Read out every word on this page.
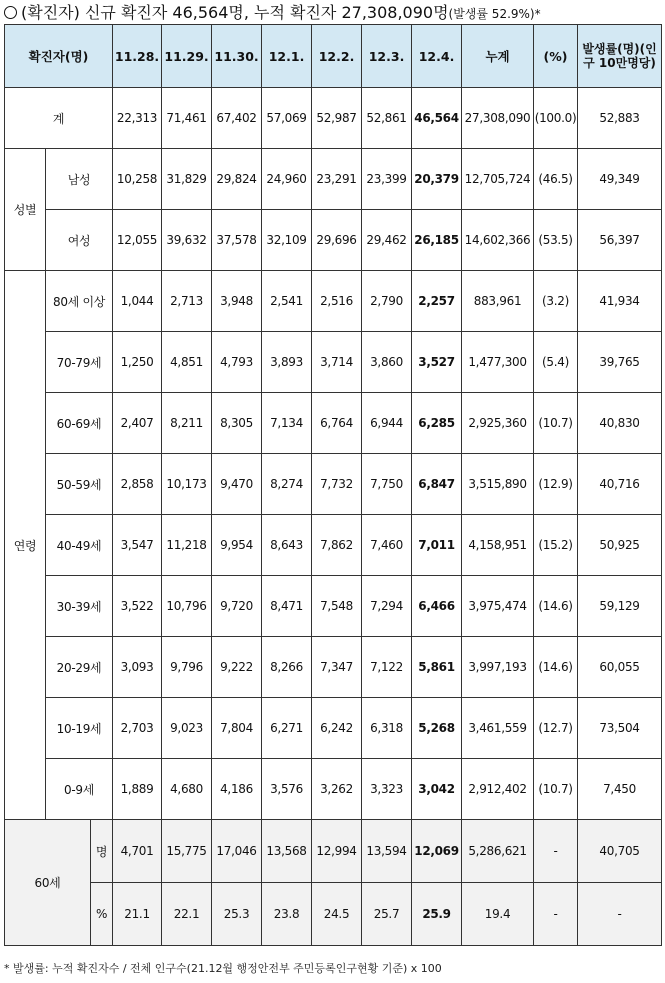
(확진자) 신규 확진자 46,564명, 누적 확진자 27,308,090명(발생률 52.9%)*
확진자(명)			11.28.	11.29.	11.30.	12.1.	12.2.	12.3.	12.4.	누계	(%)	발생률(명)(인구 10만명당)
계			22,313	71,461	67,402	57,069	52,987	52,861	46,564	27,308,090	(100.0)	52,883
성별	남성		10,258	31,829	29,824	24,960	23,291	23,399	20,379	12,705,724	(46.5)	49,349
	여성		12,055	39,632	37,578	32,109	29,696	29,462	26,185	14,602,366	(53.5)	56,397
연령	80세 이상		1,044	2,713	3,948	2,541	2,516	2,790	2,257	883,961	(3.2)	41,934
	70-79세		1,250	4,851	4,793	3,893	3,714	3,860	3,527	1,477,300	(5.4)	39,765
	60-69세		2,407	8,211	8,305	7,134	6,764	6,944	6,285	2,925,360	(10.7)	40,830
	50-59세		2,858	10,173	9,470	8,274	7,732	7,750	6,847	3,515,890	(12.9)	40,716
	40-49세		3,547	11,218	9,954	8,643	7,862	7,460	7,011	4,158,951	(15.2)	50,925
	30-39세		3,522	10,796	9,720	8,471	7,548	7,294	6,466	3,975,474	(14.6)	59,129
	20-29세		3,093	9,796	9,222	8,266	7,347	7,122	5,861	3,997,193	(14.6)	60,055
	10-19세		2,703	9,023	7,804	6,271	6,242	6,318	5,268	3,461,559	(12.7)	73,504
	0-9세		1,889	4,680	4,186	3,576	3,262	3,323	3,042	2,912,402	(10.7)	7,450
60세		명	4,701	15,775	17,046	13,568	12,994	13,594	12,069	5,286,621	-	40,705
		%	21.1	22.1	25.3	23.8	24.5	25.7	25.9	19.4	-	-
* 발생률: 누적 확진자수 / 전체 인구수(21.12월 행정안전부 주민등록인구현황 기준) x 100
